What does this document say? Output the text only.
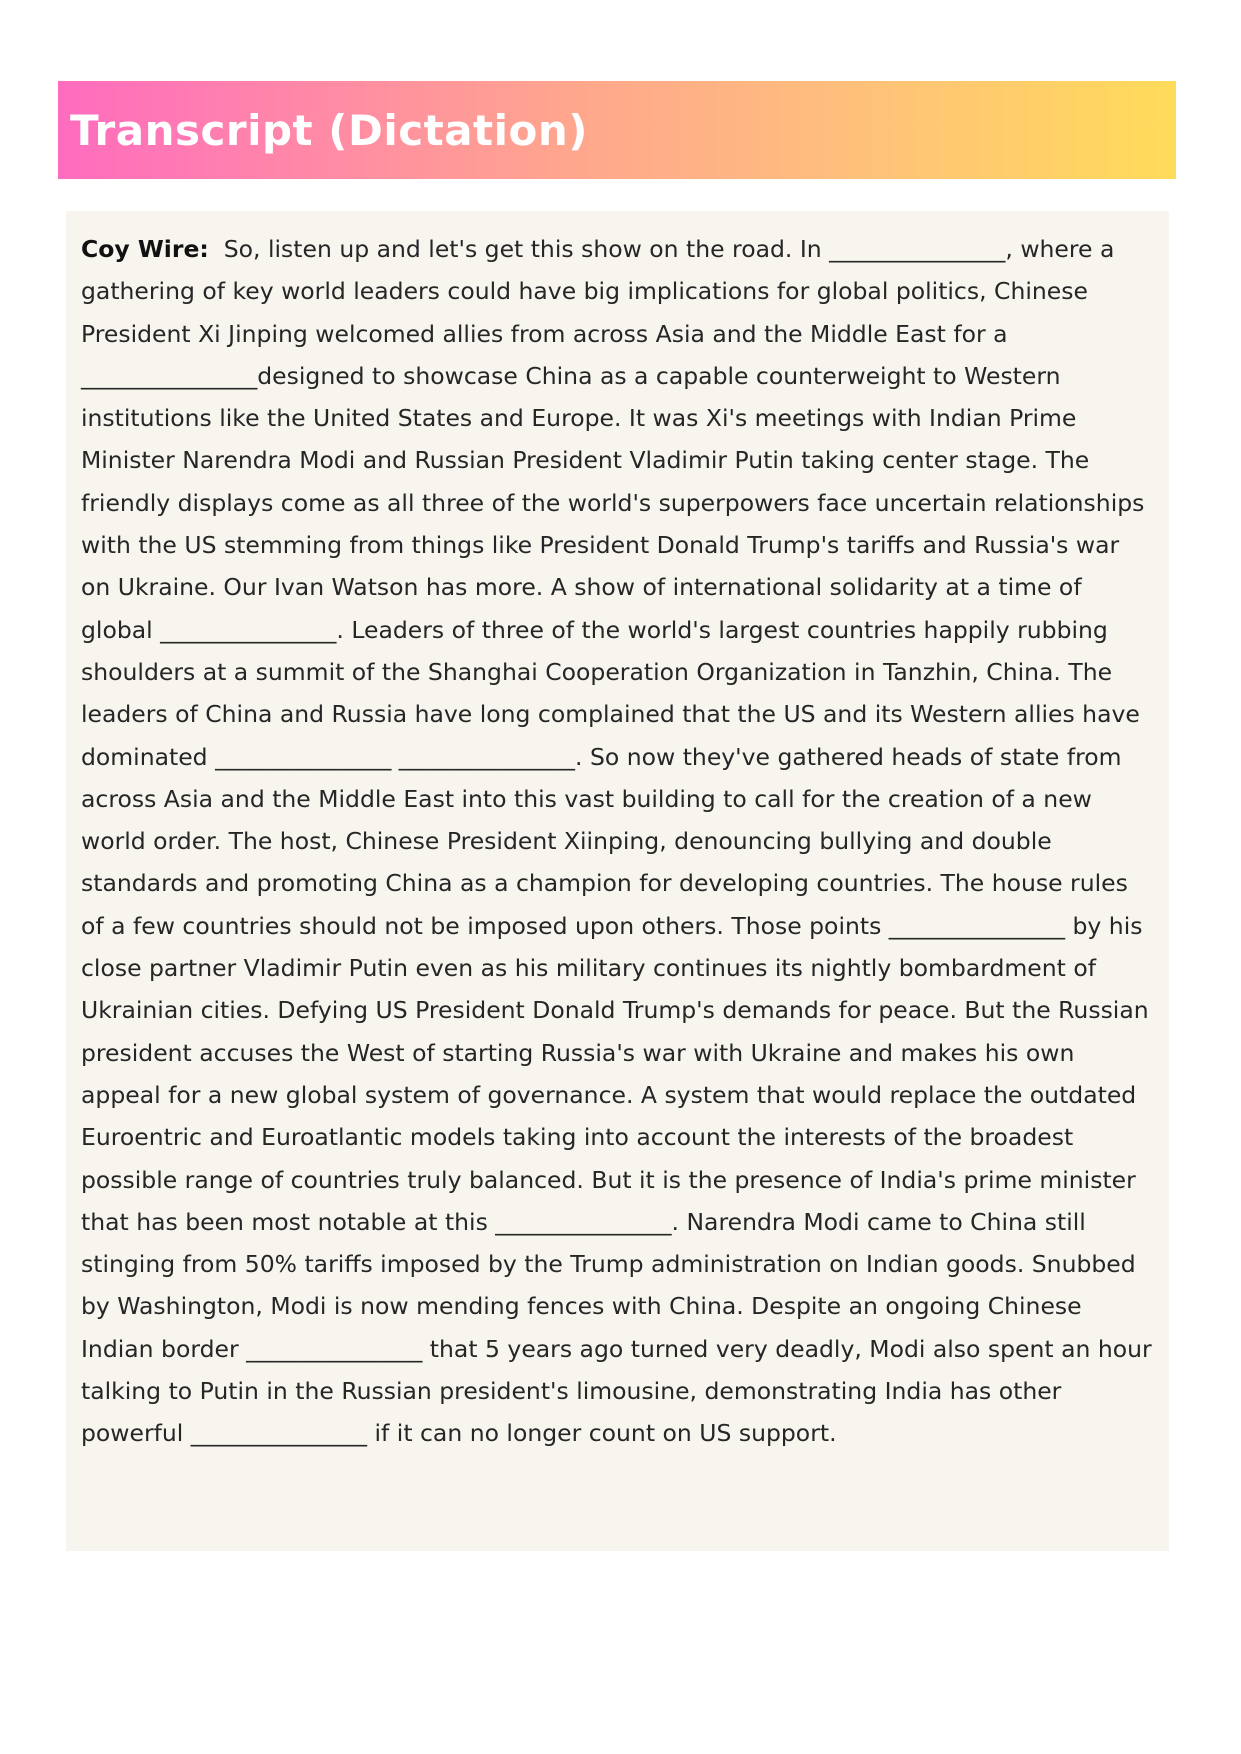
Transcript (Dictation)

Coy Wire: So, listen up and let's get this show on the road. In _______________, where a gathering of key world leaders could have big implications for global politics, Chinese President Xi Jinping welcomed allies from across Asia and the Middle East for a _______________designed to showcase China as a capable counterweight to Western institutions like the United States and Europe. It was Xi's meetings with Indian Prime Minister Narendra Modi and Russian President Vladimir Putin taking center stage. The friendly displays come as all three of the world's superpowers face uncertain relationships with the US stemming from things like President Donald Trump's tariffs and Russia's war on Ukraine. Our Ivan Watson has more. A show of international solidarity at a time of global _______________. Leaders of three of the world's largest countries happily rubbing shoulders at a summit of the Shanghai Cooperation Organization in Tanzhin, China. The leaders of China and Russia have long complained that the US and its Western allies have dominated _______________ _______________. So now they've gathered heads of state from across Asia and the Middle East into this vast building to call for the creation of a new world order. The host, Chinese President Xiinping, denouncing bullying and double standards and promoting China as a champion for developing countries. The house rules of a few countries should not be imposed upon others. Those points _______________ by his close partner Vladimir Putin even as his military continues its nightly bombardment of Ukrainian cities. Defying US President Donald Trump's demands for peace. But the Russian president accuses the West of starting Russia's war with Ukraine and makes his own appeal for a new global system of governance. A system that would replace the outdated Euroentric and Euroatlantic models taking into account the interests of the broadest possible range of countries truly balanced. But it is the presence of India's prime minister that has been most notable at this _______________. Narendra Modi came to China still stinging from 50% tariffs imposed by the Trump administration on Indian goods. Snubbed by Washington, Modi is now mending fences with China. Despite an ongoing Chinese Indian border _______________ that 5 years ago turned very deadly, Modi also spent an hour talking to Putin in the Russian president's limousine, demonstrating India has other powerful _______________ if it can no longer count on US support.
